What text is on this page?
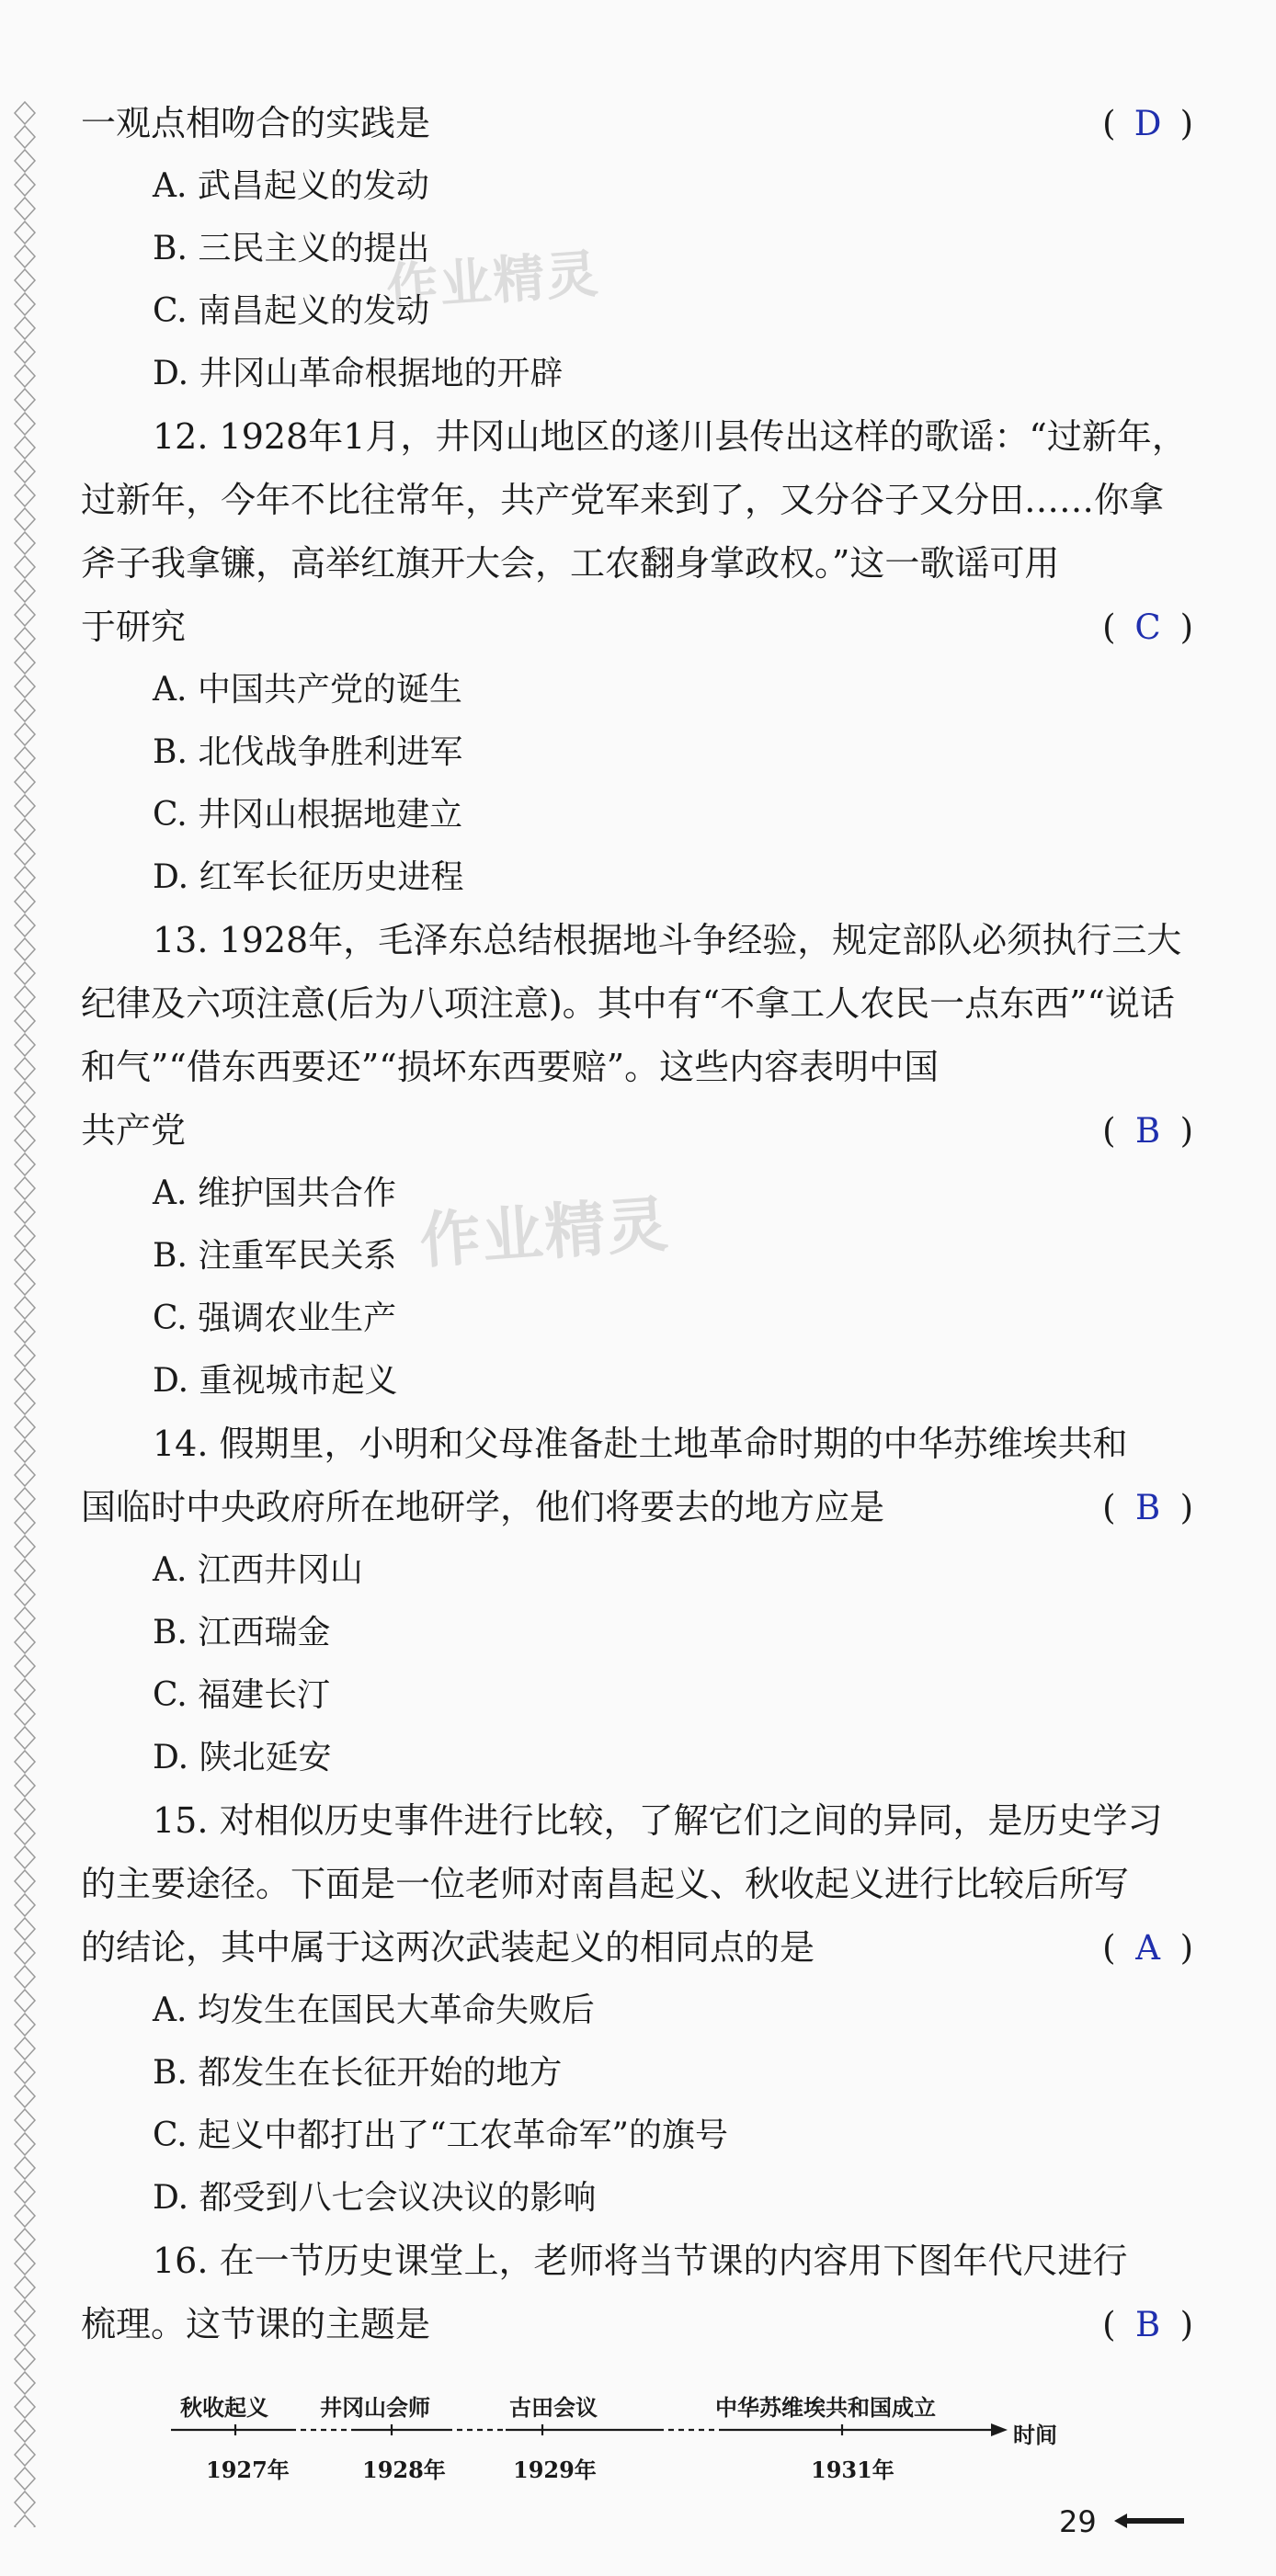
作业精灵
作业精灵
一观点相吻合的实践是	( D )
A. 武昌起义的发动
B. 三民主义的提出
C. 南昌起义的发动
D. 井冈山革命根据地的开辟
12. 1928年1月，井冈山地区的遂川县传出这样的歌谣：“过新年，过新年，今年不比往常年，共产党军来到了，又分谷子又分田……你拿斧子我拿镰，高举红旗开大会，工农翻身掌政权。”这一歌谣可用
于研究	( C )
A. 中国共产党的诞生
B. 北伐战争胜利进军
C. 井冈山根据地建立
D. 红军长征历史进程
13. 1928年，毛泽东总结根据地斗争经验，规定部队必须执行三大纪律及六项注意(后为八项注意)。其中有“不拿工人农民一点东西”“说话和气”“借东西要还”“损坏东西要赔”。这些内容表明中国
共产党	( B )
A. 维护国共合作
B. 注重军民关系
C. 强调农业生产
D. 重视城市起义
14. 假期里，小明和父母准备赴土地革命时期的中华苏维埃共和
国临时中央政府所在地研学，他们将要去的地方应是	( B )
A. 江西井冈山
B. 江西瑞金
C. 福建长汀
D. 陕北延安
15. 对相似历史事件进行比较，了解它们之间的异同，是历史学习的主要途径。下面是一位老师对南昌起义、秋收起义进行比较后所写
的结论，其中属于这两次武装起义的相同点的是	( A )
A. 均发生在国民大革命失败后
B. 都发生在长征开始的地方
C. 起义中都打出了“工农革命军”的旗号
D. 都受到八七会议决议的影响
16. 在一节历史课堂上，老师将当节课的内容用下图年代尺进行
梳理。这节课的主题是	( B )
秋收起义 井冈山会师	古田会议	中华苏维埃共和国成立
时间
1927年	1928年	1929年	1931年
29
